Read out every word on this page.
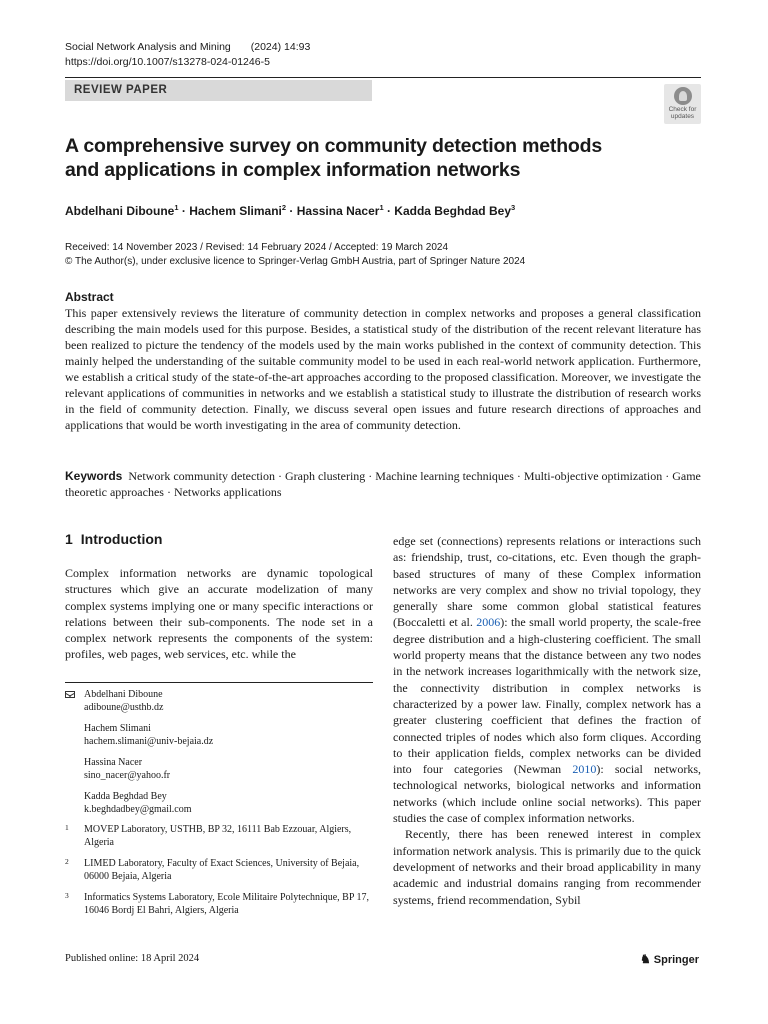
Social Network Analysis and Mining (2024) 14:93
https://doi.org/10.1007/s13278-024-01246-5
REVIEW PAPER
Check for updates
A comprehensive survey on community detection methods and applications in complex information networks
Abdelhani Diboune$^1$ · Hachem Slimani$^2$ · Hassina Nacer$^1$ · Kadda Beghdad Bey$^3$
Received: 14 November 2023 / Revised: 14 February 2024 / Accepted: 19 March 2024
© The Author(s), under exclusive licence to Springer-Verlag GmbH Austria, part of Springer Nature 2024
Abstract
This paper extensively reviews the literature of community detection in complex networks and proposes a general classification describing the main models used for this purpose. Besides, a statistical study of the distribution of the recent relevant literature has been realized to picture the tendency of the models used by the main works published in the context of community detection. This mainly helped the understanding of the suitable community model to be used in each real-world network application. Furthermore, we establish a critical study of the state-of-the-art approaches according to the proposed classification. Moreover, we investigate the relevant applications of communities in networks and we establish a statistical study to illustrate the distribution of research works in the field of community detection. Finally, we discuss several open issues and future research directions of approaches and applications that would be worth investigating in the area of community detection.
Keywords Network community detection · Graph clustering · Machine learning techniques · Multi-objective optimization · Game theoretic approaches · Networks applications
1 Introduction
Complex information networks are dynamic topological structures which give an accurate modelization of many complex systems implying one or many specific interactions or relations between their sub-components. The node set in a complex network represents the components of the system: profiles, web pages, web services, etc. while the
Abdelhani Diboune
adiboune@usthb.dz
Hachem Slimani
hachem.slimani@univ-bejaia.dz
Hassina Nacer
sino_nacer@yahoo.fr
Kadda Beghdad Bey
k.beghdadbey@gmail.com
1 MOVEP Laboratory, USTHB, BP 32, 16111 Bab Ezzouar, Algiers, Algeria
2 LIMED Laboratory, Faculty of Exact Sciences, University of Bejaia, 06000 Bejaia, Algeria
3 Informatics Systems Laboratory, Ecole Militaire Polytechnique, BP 17, 16046 Bordj El Bahri, Algiers, Algeria

edge set (connections) represents relations or interactions such as: friendship, trust, co-citations, etc. Even though the graph-based structures of many of these Complex information networks are very complex and show no trivial topology, they generally share some common global statistical features (Boccaletti et al. 2006): the small world property, the scale-free degree distribution and a high-clustering coefficient. The small world property means that the distance between any two nodes in the network increases logarithmically with the network size, the connectivity distribution in complex networks is characterized by a power law. Finally, complex network has a greater clustering coefficient that defines the fraction of connected triples of nodes which also form cliques. According to their application fields, complex networks can be divided into four categories (Newman 2010): social networks, technological networks, biological networks and information networks (which include online social networks). This paper studies the case of complex information networks.

Recently, there has been renewed interest in complex information network analysis. This is primarily due to the quick development of networks and their broad applicability in many academic and industrial domains ranging from recommender systems, friend recommendation, Sybil

Published online: 18 April 2024	♞ Springer
